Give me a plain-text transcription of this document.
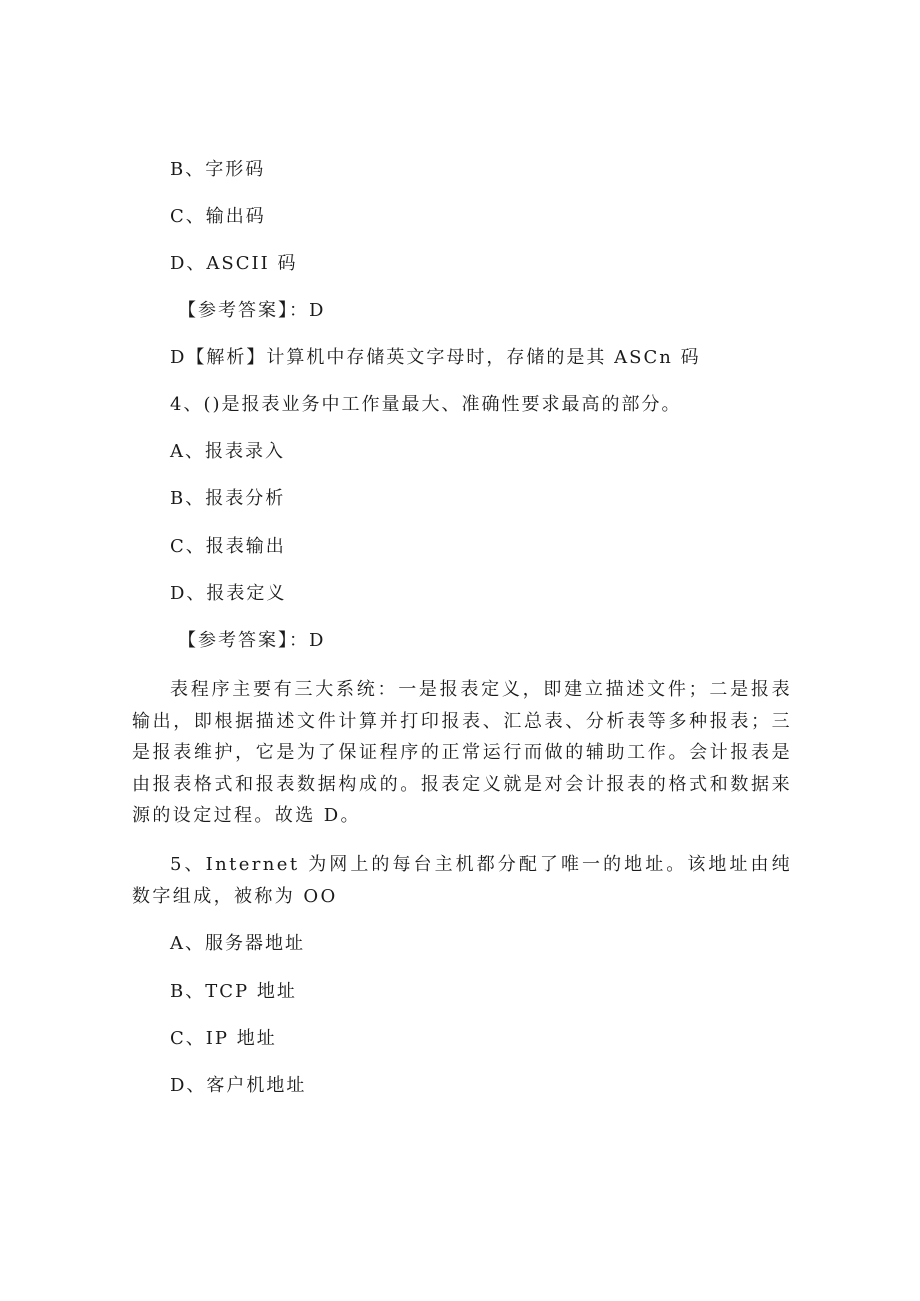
B、字形码
C、输出码
D、ASCII 码
【参考答案】：D
D【解析】计算机中存储英文字母时，存储的是其 ASCn 码
4、()是报表业务中工作量最大、准确性要求最高的部分。
A、报表录入
B、报表分析
C、报表输出
D、报表定义
【参考答案】：D
表程序主要有三大系统：一是报表定义，即建立描述文件；二是报表输出，即根据描述文件计算并打印报表、汇总表、分析表等多种报表；三是报表维护，它是为了保证程序的正常运行而做的辅助工作。会计报表是由报表格式和报表数据构成的。报表定义就是对会计报表的格式和数据来源的设定过程。故选 D。
5、Internet 为网上的每台主机都分配了唯一的地址。该地址由纯数字组成，被称为 OO
A、服务器地址
B、TCP 地址
C、IP 地址
D、客户机地址
